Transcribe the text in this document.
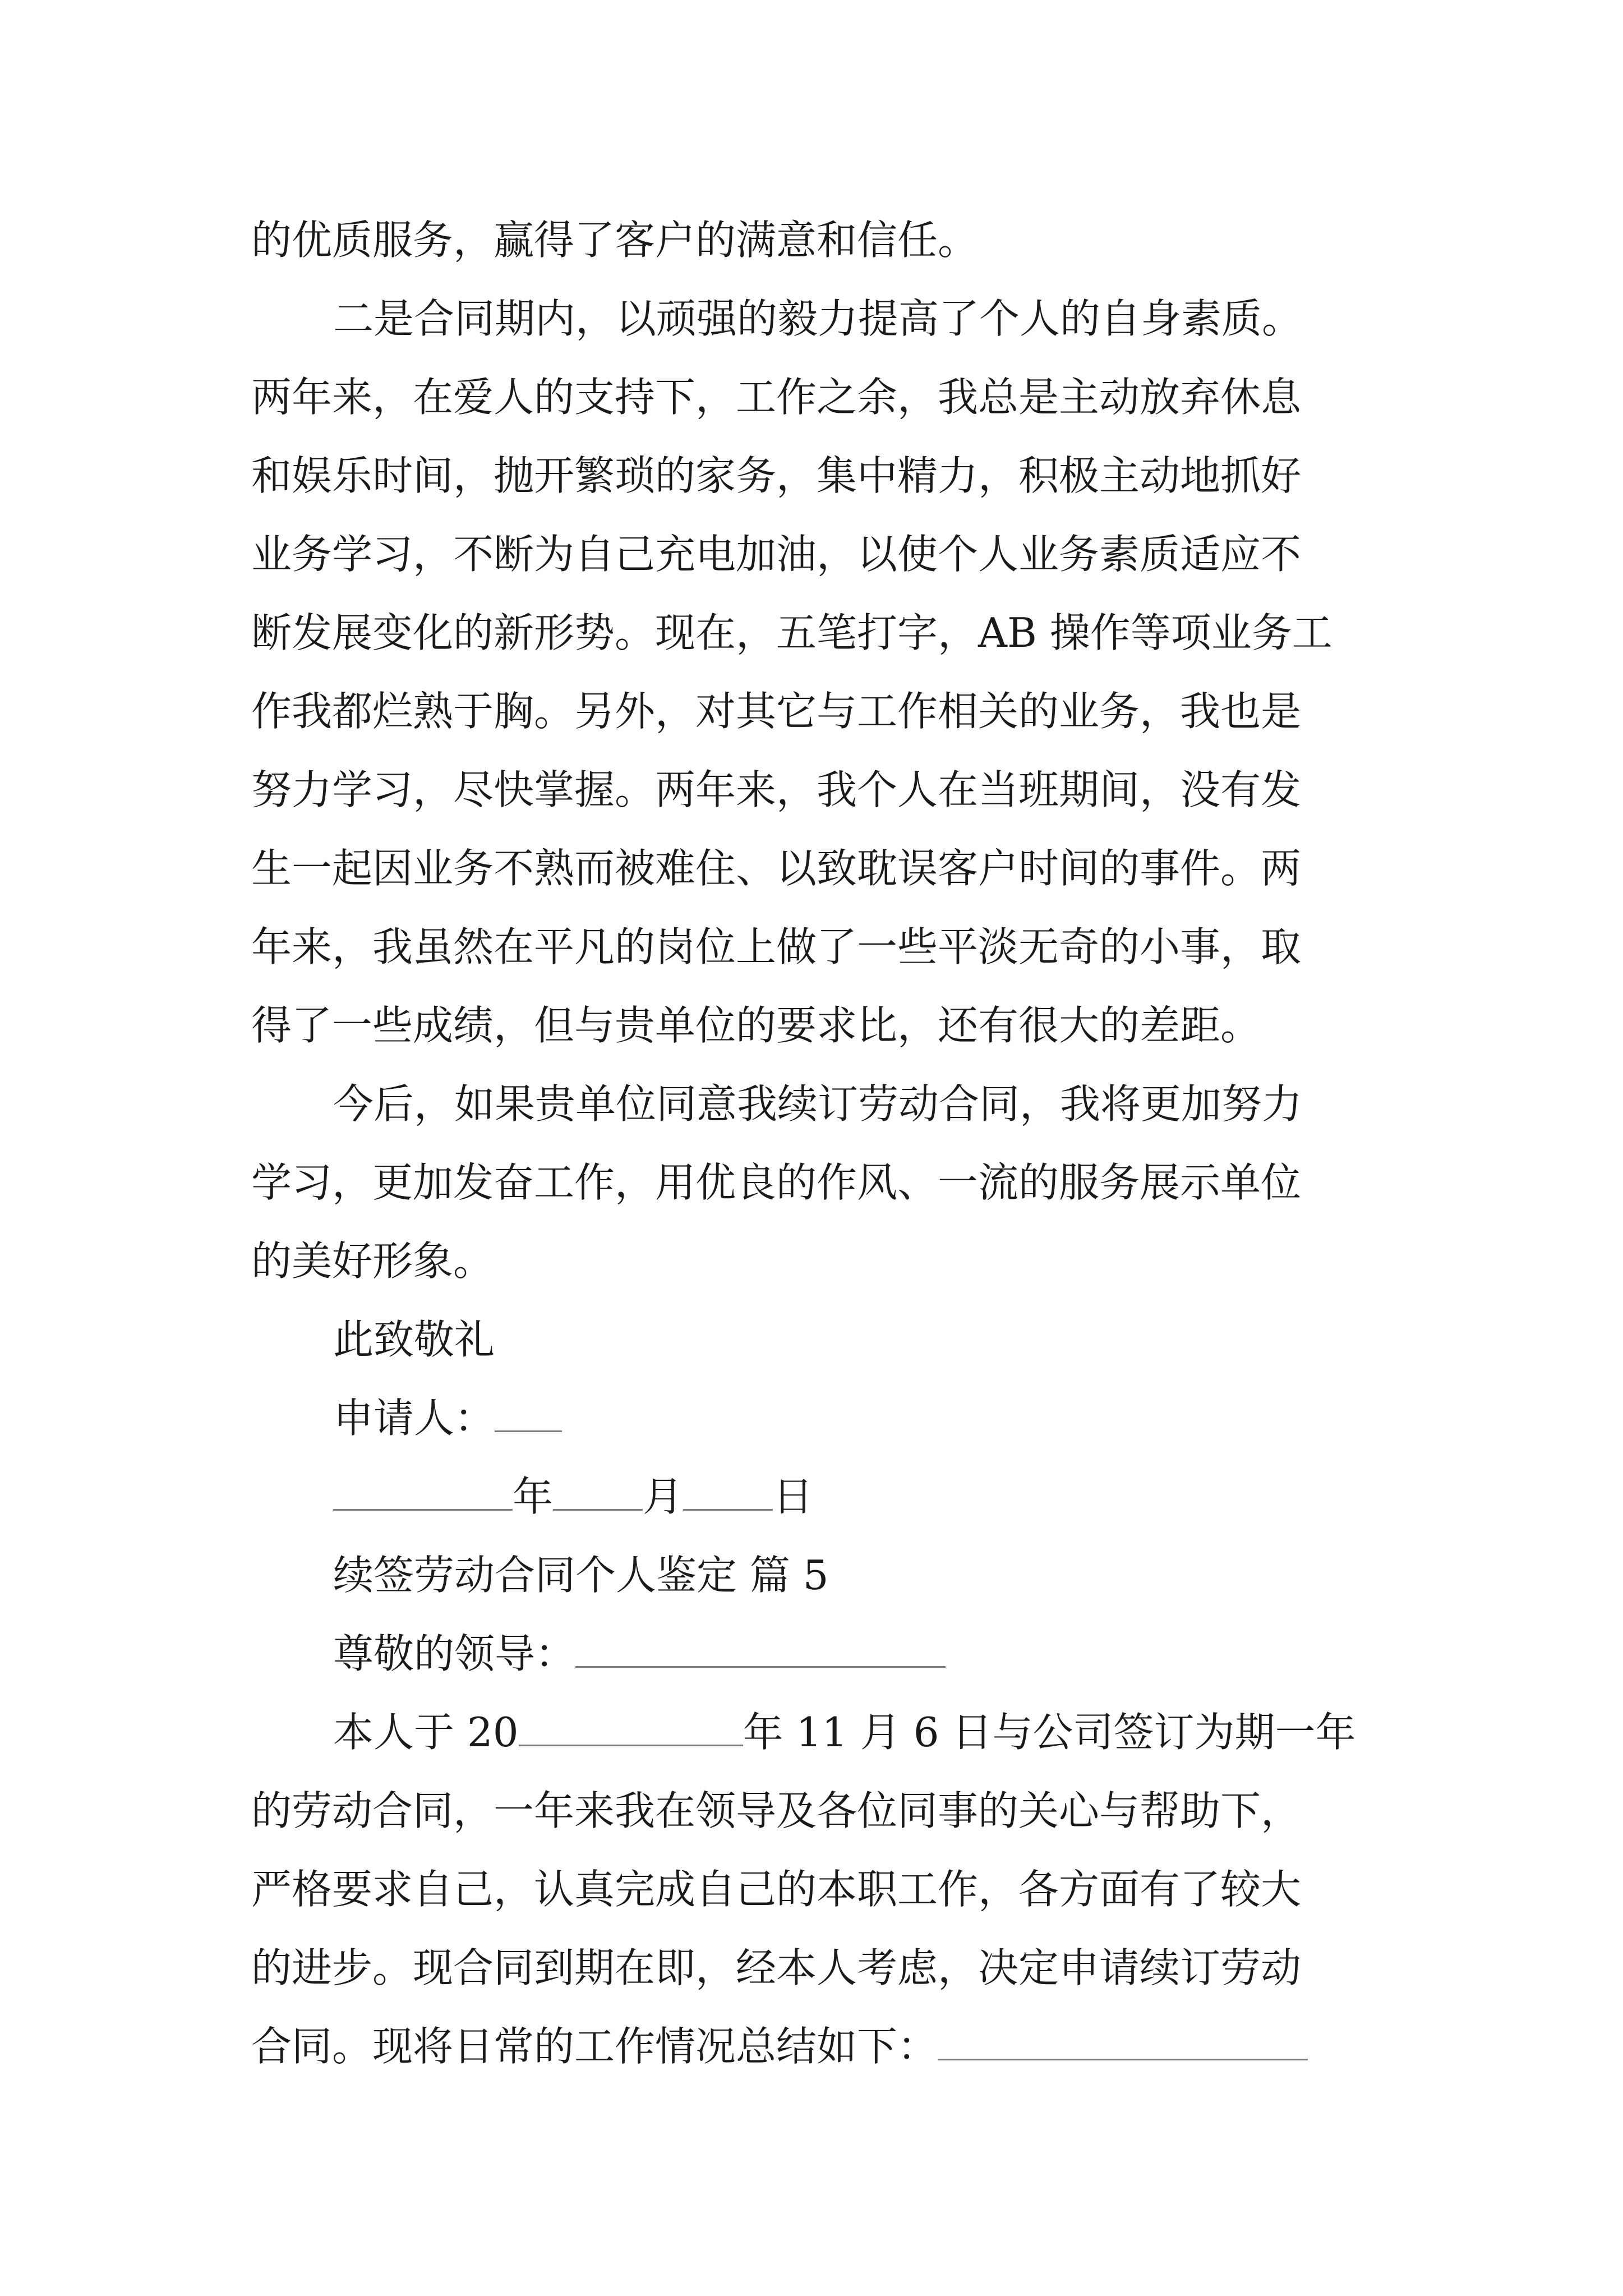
的优质服务，赢得了客户的满意和信任。
二是合同期内，以顽强的毅力提高了个人的自身素质。
两年来，在爱人的支持下，工作之余，我总是主动放弃休息
和娱乐时间，抛开繁琐的家务，集中精力，积极主动地抓好
业务学习，不断为自己充电加油，以使个人业务素质适应不
断发展变化的新形势。现在，五笔打字，AB 操作等项业务工
作我都烂熟于胸。另外，对其它与工作相关的业务，我也是
努力学习，尽快掌握。两年来，我个人在当班期间，没有发
生一起因业务不熟而被难住、以致耽误客户时间的事件。两
年来，我虽然在平凡的岗位上做了一些平淡无奇的小事，取
得了一些成绩，但与贵单位的要求比，还有很大的差距。
今后，如果贵单位同意我续订劳动合同，我将更加努力
学习，更加发奋工作，用优良的作风、一流的服务展示单位
的美好形象。
此致敬礼
申请人：
年 月 日
续签劳动合同个人鉴定 篇 5
尊敬的领导：
本人于 20	年 11 月 6 日与公司签订为期一年
的劳动合同，一年来我在领导及各位同事的关心与帮助下，
严格要求自己，认真完成自己的本职工作，各方面有了较大
的进步。现合同到期在即，经本人考虑，决定申请续订劳动
合同。现将日常的工作情况总结如下：
